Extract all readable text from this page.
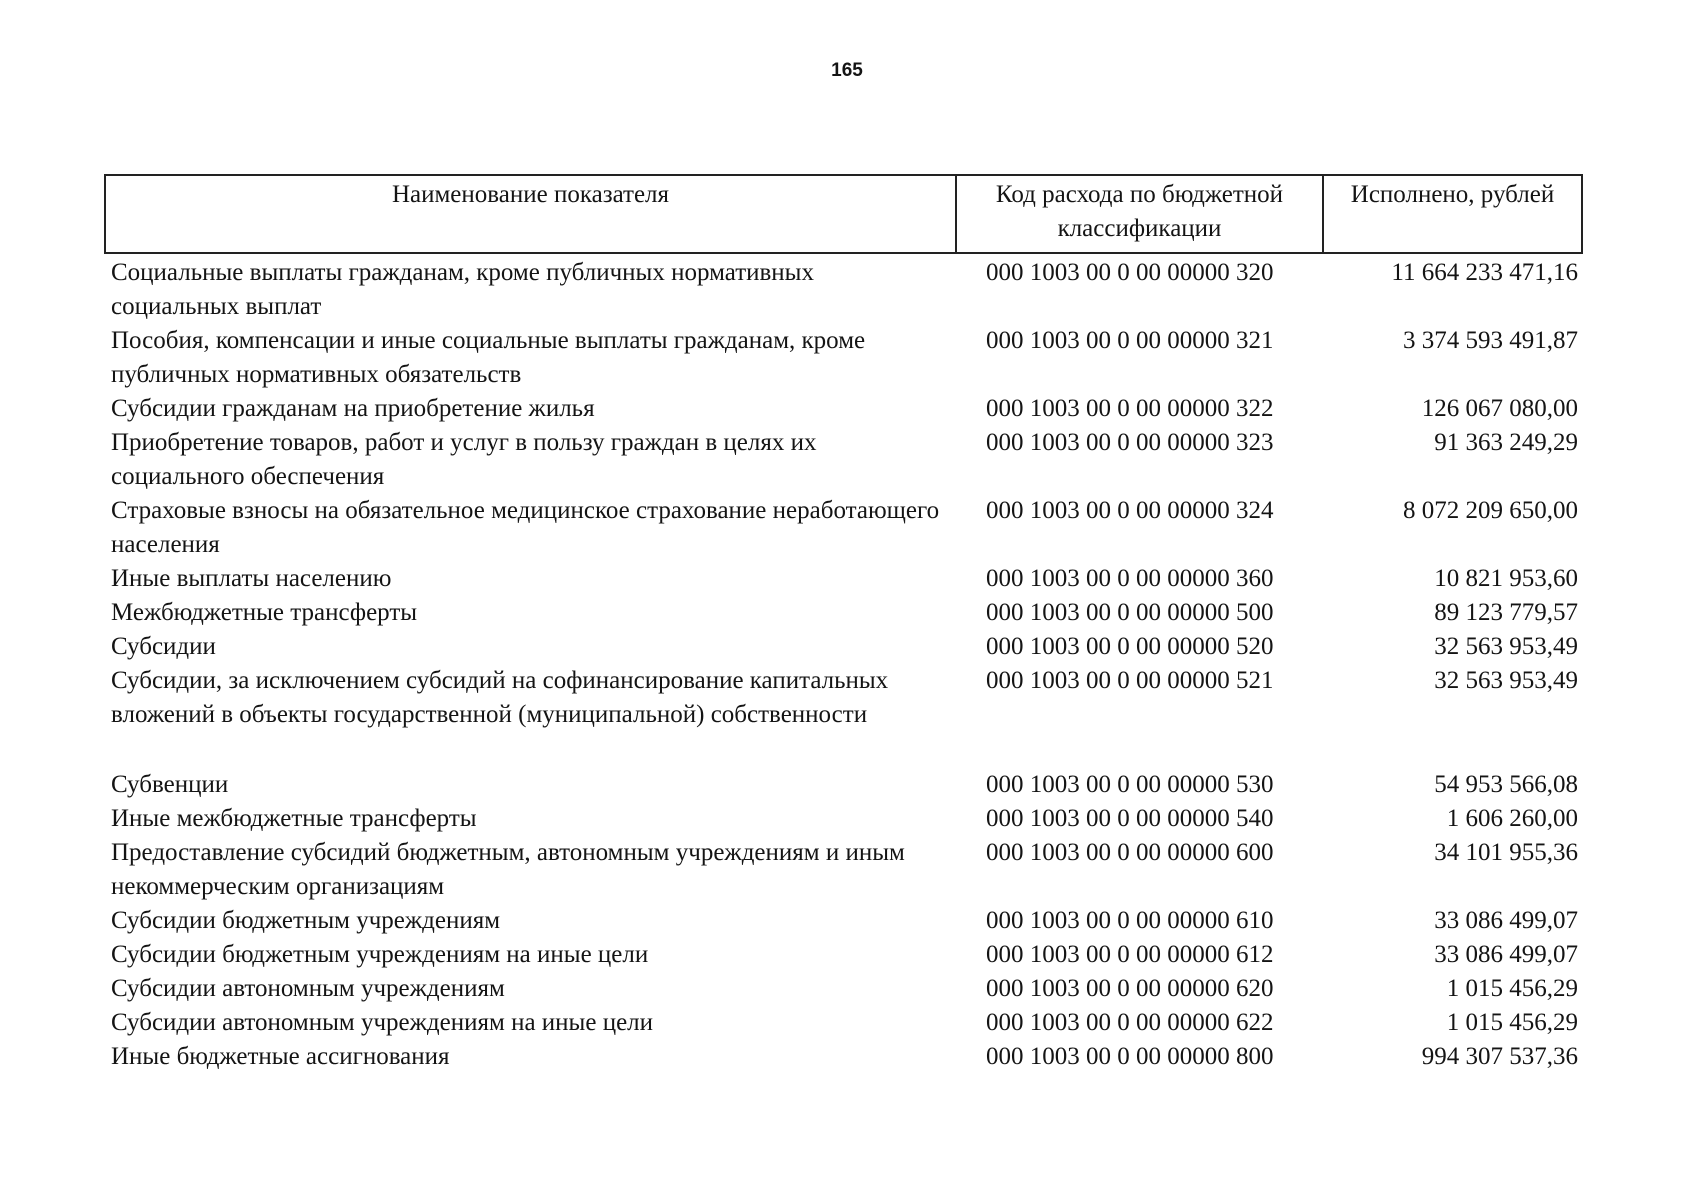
165
Наименование показателя	Код расхода по бюджетной классификации	Исполнено, рублей
Социальные выплаты гражданам, кроме публичных нормативных социальных выплат	000 1003 00 0 00 00000 320	11 664 233 471,16
Пособия, компенсации и иные социальные выплаты гражданам, кроме публичных нормативных обязательств	000 1003 00 0 00 00000 321	3 374 593 491,87
Субсидии гражданам на приобретение жилья	000 1003 00 0 00 00000 322	126 067 080,00
Приобретение товаров, работ и услуг в пользу граждан в целях их социального обеспечения	000 1003 00 0 00 00000 323	91 363 249,29
Страховые взносы на обязательное медицинское страхование неработающего населения	000 1003 00 0 00 00000 324	8 072 209 650,00
Иные выплаты населению	000 1003 00 0 00 00000 360	10 821 953,60
Межбюджетные трансферты	000 1003 00 0 00 00000 500	89 123 779,57
Субсидии	000 1003 00 0 00 00000 520	32 563 953,49
Субсидии, за исключением субсидий на софинансирование капитальных вложений в объекты государственной (муниципальной) собственности	000 1003 00 0 00 00000 521	32 563 953,49
Субвенции	000 1003 00 0 00 00000 530	54 953 566,08
Иные межбюджетные трансферты	000 1003 00 0 00 00000 540	1 606 260,00
Предоставление субсидий бюджетным, автономным учреждениям и иным некоммерческим организациям	000 1003 00 0 00 00000 600	34 101 955,36
Субсидии бюджетным учреждениям	000 1003 00 0 00 00000 610	33 086 499,07
Субсидии бюджетным учреждениям на иные цели	000 1003 00 0 00 00000 612	33 086 499,07
Субсидии автономным учреждениям	000 1003 00 0 00 00000 620	1 015 456,29
Субсидии автономным учреждениям на иные цели	000 1003 00 0 00 00000 622	1 015 456,29
Иные бюджетные ассигнования	000 1003 00 0 00 00000 800	994 307 537,36
